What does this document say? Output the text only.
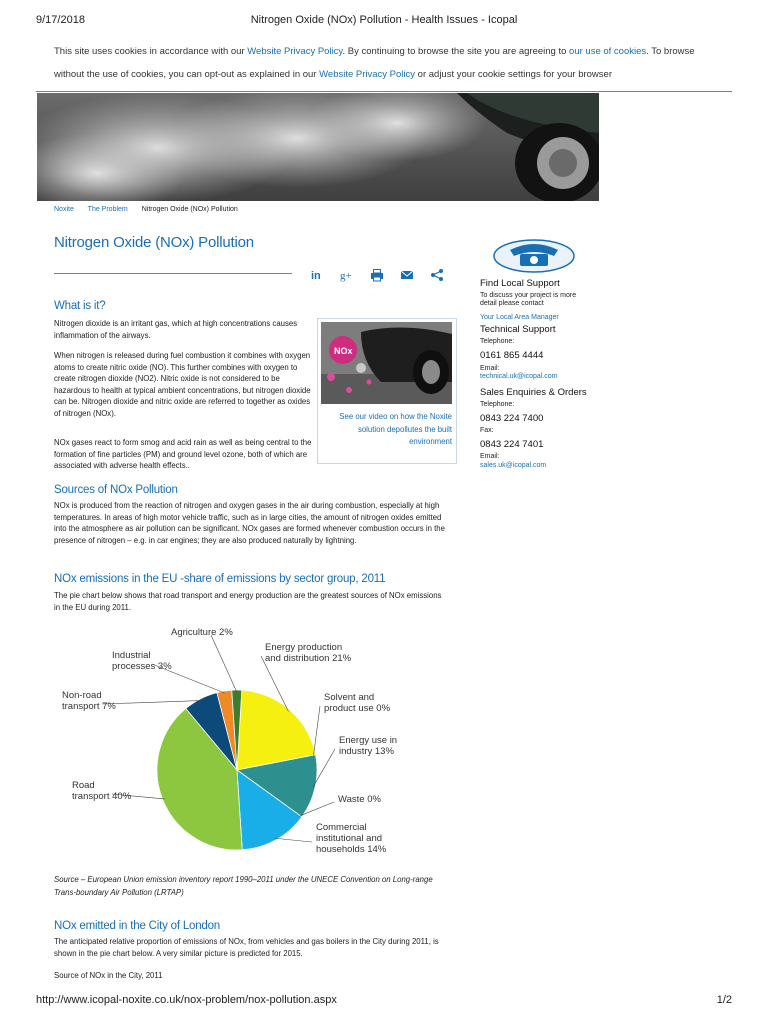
9/17/2018	Nitrogen Oxide (NOx) Pollution - Health Issues - Icopal
This site uses cookies in accordance with our Website Privacy Policy. By continuing to browse the site you are agreeing to our use of cookies. To browse
without the use of cookies, you can opt-out as explained in our Website Privacy Policy or adjust your cookie settings for your browser
Noxite The Problem Nitrogen Oxide (NOx) Pollution
Nitrogen Oxide (NOx) Pollution
in g+
What is it?

Nitrogen dioxide is an irritant gas, which at high concentrations causes inflammation of the airways.

When nitrogen is released during fuel combustion it combines with oxygen atoms to create nitric oxide (NO). This further combines with oxygen to create nitrogen dioxide (NO2). Nitric oxide is not considered to be hazardous to health at typical ambient concentrations, but nitrogen dioxide can be. Nitrogen dioxide and nitric oxide are referred to together as oxides of nitrogen (NOx).

NOx gases react to form smog and acid rain as well as being central to the formation of fine particles (PM) and ground level ozone, both of which are associated with adverse health effects..

NOx
See our video on how the Noxite solution depollutes the built environment
Find Local Support
To discuss your project is more detail please contact
Your Local Area Manager
Technical Support
Telephone:
0161 865 4444
Email:
technical.uk@icopal.com
Sales Enquiries & Orders
Telephone:
0843 224 7400
Fax:
0843 224 7401
Email:
sales.uk@icopal.com
Sources of NOx Pollution

NOx is produced from the reaction of nitrogen and oxygen gases in the air during combustion, especially at high temperatures. In areas of high motor vehicle traffic, such as in large cities, the amount of nitrogen oxides emitted into the atmosphere as air pollution can be significant. NOx gases are formed whenever combustion occurs in the presence of nitrogen – e.g. in car engines; they are also produced naturally by lightning.

NOx emissions in the EU -share of emissions by sector group, 2011

The pie chart below shows that road transport and energy production are the greatest sources of NOx emissions in the EU during 2011.

Energy production and distribution 21%
Solvent and product use 0%
Energy use in industry 13%
Waste 0%
Commercial institutional and households 14%
Road transport 40%
Non-road transport 7%
Industrial processes 3%
Agriculture 2%
Source – European Union emission inventory report 1990–2011 under the UNECE Convention on Long-range Trans-boundary Air Pollution (LRTAP)
NOx emitted in the City of London

The anticipated relative proportion of emissions of NOx, from vehicles and gas boilers in the City during 2011, is shown in the pie chart below. A very similar picture is predicted for 2015.

Source of NOx in the City, 2011

http://www.icopal-noxite.co.uk/nox-problem/nox-pollution.aspx	1/2
